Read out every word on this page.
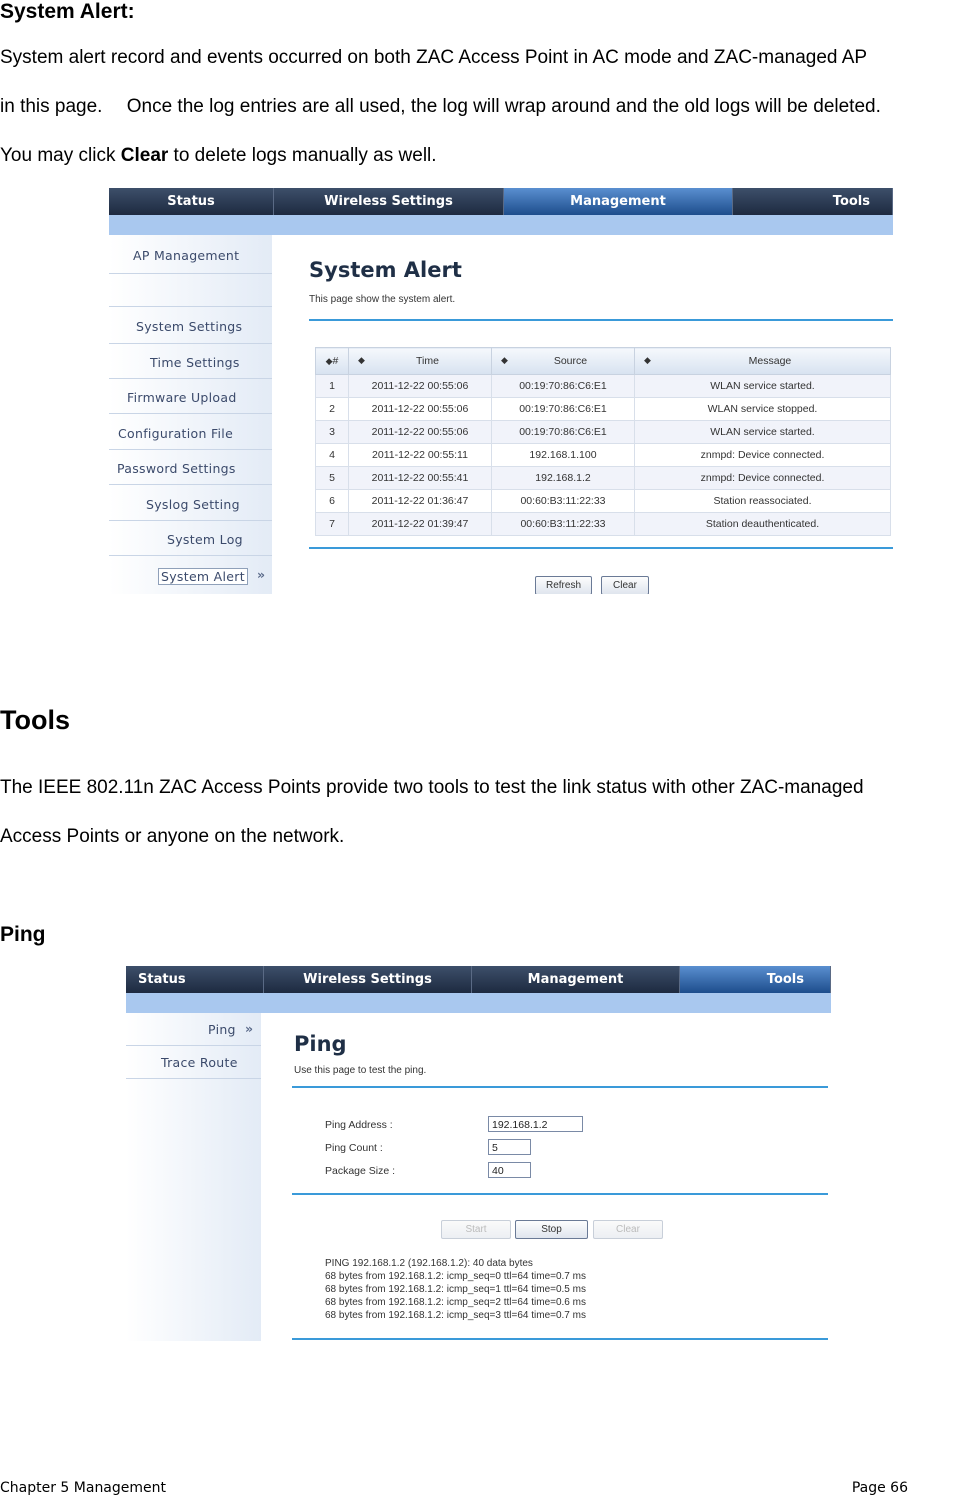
System Alert:
System alert record and events occurred on both ZAC Access Point in AC mode and ZAC-managed AP
in this page.  Once the log entries are all used, the log will wrap around and the old logs will be deleted.
You may click Clear to delete logs manually as well.
Status	Wireless Settings	Management	Tools
AP Management
System Settings
Time Settings
Firmware Upload
Configuration File
Password Settings
Syslog Setting
System Log
System Alert »
System Alert
This page show the system alert.
◆#	◆ Time	◆ Source	◆ Message
1	2011-12-22 00:55:06	00:19:70:86:C6:E1	WLAN service started.
2	2011-12-22 00:55:06	00:19:70:86:C6:E1	WLAN service stopped.
3	2011-12-22 00:55:06	00:19:70:86:C6:E1	WLAN service started.
4	2011-12-22 00:55:11	192.168.1.100	znmpd: Device connected.
5	2011-12-22 00:55:41	192.168.1.2	znmpd: Device connected.
6	2011-12-22 01:36:47	00:60:B3:11:22:33	Station reassociated.
7	2011-12-22 01:39:47	00:60:B3:11:22:33	Station deauthenticated.
Refresh	Clear
Tools
The IEEE 802.11n ZAC Access Points provide two tools to test the link status with other ZAC-managed
Access Points or anyone on the network.
Ping
Status	Wireless Settings	Management	Tools
Ping »
Trace Route
Ping
Use this page to test the ping.
Ping Address :	192.168.1.2
Ping Count :	5
Package Size :	40
Start	Stop	Clear
PING 192.168.1.2 (192.168.1.2): 40 data bytes
68 bytes from 192.168.1.2: icmp_seq=0 ttl=64 time=0.7 ms
68 bytes from 192.168.1.2: icmp_seq=1 ttl=64 time=0.5 ms
68 bytes from 192.168.1.2: icmp_seq=2 ttl=64 time=0.6 ms
68 bytes from 192.168.1.2: icmp_seq=3 ttl=64 time=0.7 ms
Chapter 5 Management	Page 66
